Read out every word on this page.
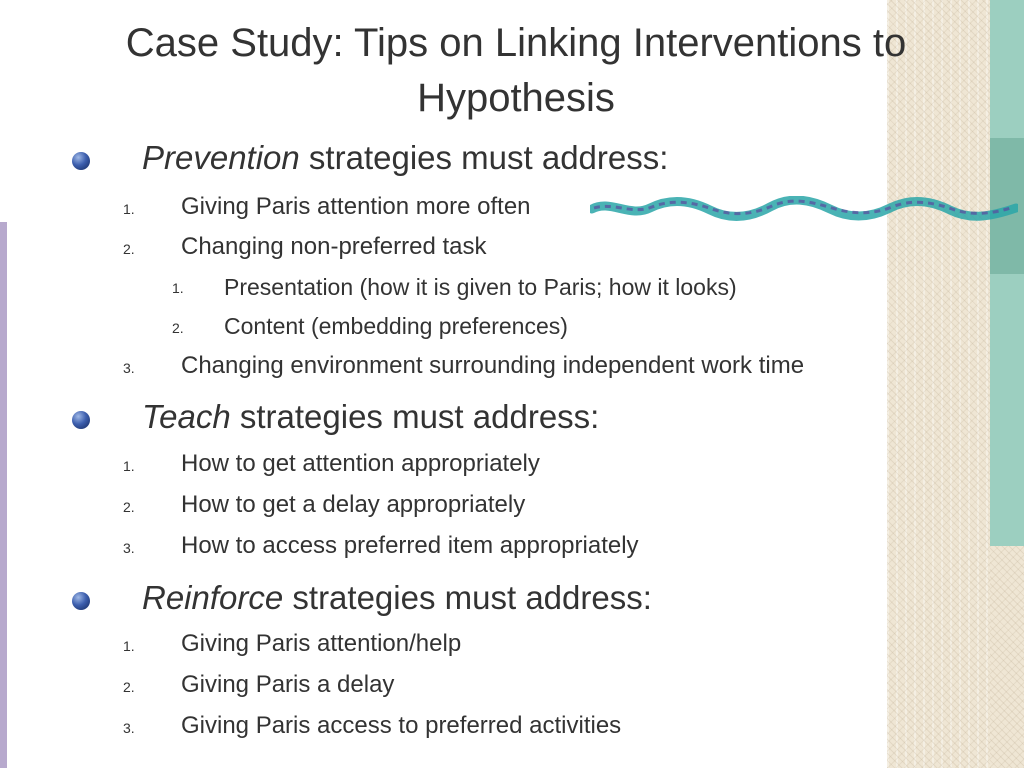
Case Study: Tips on Linking Interventions to Hypothesis
Prevention strategies must address:
1. Giving Paris attention more often
2. Changing non-preferred task
1. Presentation (how it is given to Paris; how it looks)
2. Content (embedding preferences)
3. Changing environment surrounding independent work time
Teach strategies must address:
1. How to get attention appropriately
2. How to get a delay appropriately
3. How to access preferred item appropriately
Reinforce strategies must address:
1. Giving Paris attention/help
2. Giving Paris a delay
3. Giving Paris access to preferred activities
